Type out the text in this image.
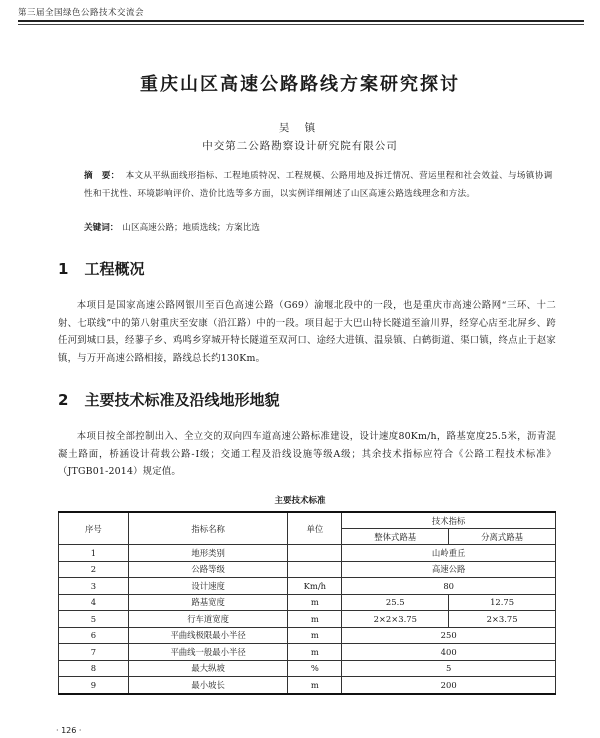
第三届全国绿色公路技术交流会
重庆山区高速公路路线方案研究探讨
吴 镇
中交第二公路勘察设计研究院有限公司
摘　要： 本文从平纵面线形指标、工程地质特况、工程规模、公路用地及拆迁情况、营运里程和社会效益、与场镇协调性和干扰性、环境影响评价、造价比选等多方面，以实例详细阐述了山区高速公路选线理念和方法。
关键词： 山区高速公路；地质选线；方案比选
1 工程概况
本项目是国家高速公路网银川至百色高速公路（G69）渝堰北段中的一段，也是重庆市高速公路网“三环、十二射、七联线”中的第八射重庆至安康（沿江路）中的一段。项目起于大巴山特长隧道至渝川界，经穿心店至北屏乡、跨任河到城口县，经蓼子乡、鸡鸣乡穿城开特长隧道至双河口、途经大进镇、温泉镇、白鹤街道、渠口镇，终点止于赵家镇，与万开高速公路相接，路线总长约130Km。
2 主要技术标准及沿线地形地貌
本项目按全部控制出入、全立交的双向四车道高速公路标准建设，设计速度80Km/h，路基宽度25.5米，沥青混凝土路面，桥涵设计荷载公路-Ⅰ级；交通工程及沿线设施等级A级；其余技术指标应符合《公路工程技术标准》（JTGB01-2014）规定值。
主要技术标准
序号	指标名称	单位	技术指标	
			整体式路基	分离式路基
1	地形类别		山岭重丘	
2	公路等级		高速公路	
3	设计速度	Km/h	80	
4	路基宽度	m	25.5	12.75
5	行车道宽度	m	2×2×3.75	2×3.75
6	平曲线极限最小半径	m	250	
7	平曲线一般最小半径	m	400	
8	最大纵坡	%	5	
9	最小坡长	m	200	
· 126 ·
